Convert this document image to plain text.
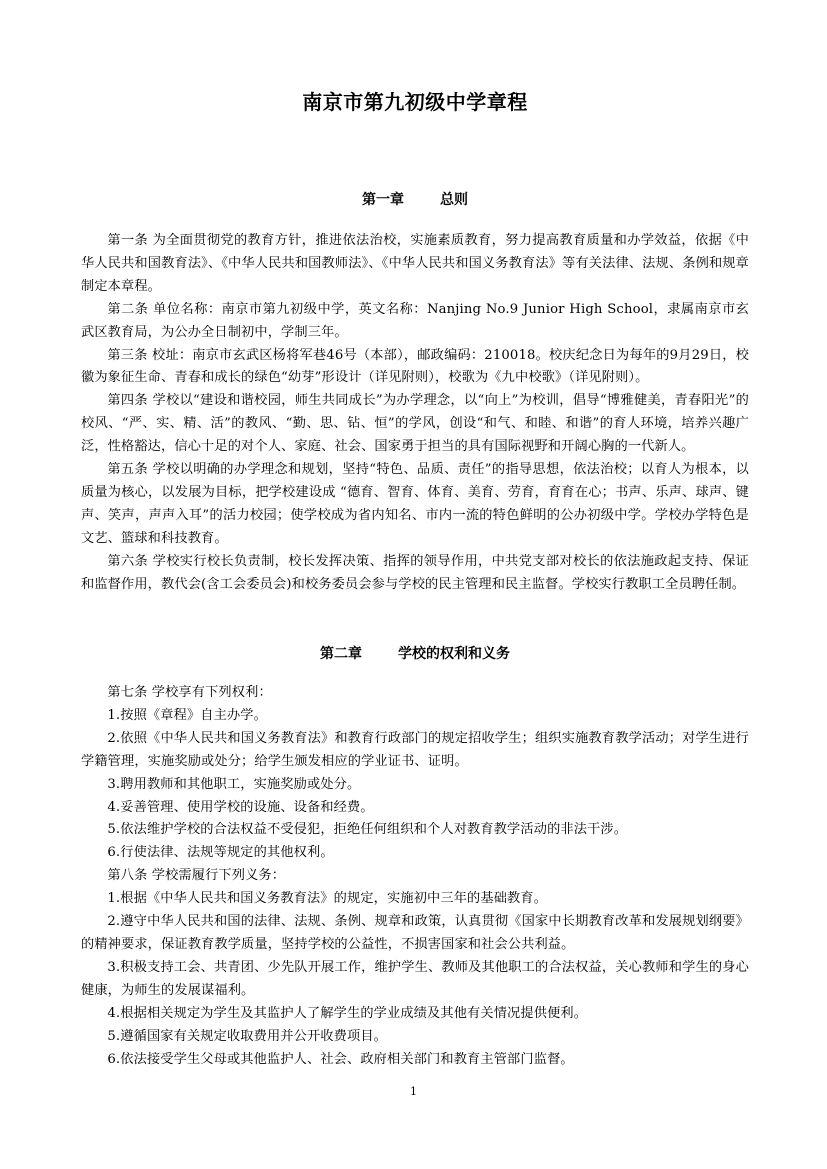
南京市第九初级中学章程
第一章	总则

第一条 为全面贯彻党的教育方针，推进依法治校，实施素质教育，努力提高教育质量和办学效益，依据《中华人民共和国教育法》、《中华人民共和国教师法》、《中华人民共和国义务教育法》等有关法律、法规、条例和规章制定本章程。

第二条 单位名称：南京市第九初级中学，英文名称：Nanjing No.9 Junior High School，隶属南京市玄武区教育局，为公办全日制初中，学制三年。

第三条 校址：南京市玄武区杨将军巷46号（本部），邮政编码：210018。校庆纪念日为每年的9月29日，校徽为象征生命、青春和成长的绿色“幼芽”形设计（详见附则），校歌为《九中校歌》（详见附则）。

第四条 学校以“建设和谐校园，师生共同成长”为办学理念，以“向上”为校训，倡导“博雅健美，青春阳光”的校风、“严、实、精、活”的教风、“勤、思、钻、恒”的学风，创设“和气、和睦、和谐”的育人环境，培养兴趣广泛，性格豁达，信心十足的对个人、家庭、社会、国家勇于担当的具有国际视野和开阔心胸的一代新人。

第五条 学校以明确的办学理念和规划，坚持“特色、品质、责任”的指导思想，依法治校；以育人为根本，以质量为核心，以发展为目标，把学校建设成 “德育、智育、体育、美育、劳育，育育在心；书声、乐声、球声、键声、笑声，声声入耳”的活力校园；使学校成为省内知名、市内一流的特色鲜明的公办初级中学。学校办学特色是文艺、篮球和科技教育。

第六条 学校实行校长负责制，校长发挥决策、指挥的领导作用，中共党支部对校长的依法施政起支持、保证和监督作用，教代会(含工会委员会)和校务委员会参与学校的民主管理和民主监督。学校实行教职工全员聘任制。

第二章	学校的权利和义务

第七条 学校享有下列权利：

1.按照《章程》自主办学。

2.依照《中华人民共和国义务教育法》和教育行政部门的规定招收学生；组织实施教育教学活动；对学生进行学籍管理，实施奖励或处分；给学生颁发相应的学业证书、证明。

3.聘用教师和其他职工，实施奖励或处分。

4.妥善管理、使用学校的设施、设备和经费。

5.依法维护学校的合法权益不受侵犯，拒绝任何组织和个人对教育教学活动的非法干涉。

6.行使法律、法规等规定的其他权利。

第八条 学校需履行下列义务：

1.根据《中华人民共和国义务教育法》的规定，实施初中三年的基础教育。

2.遵守中华人民共和国的法律、法规、条例、规章和政策，认真贯彻《国家中长期教育改革和发展规划纲要》的精神要求，保证教育教学质量，坚持学校的公益性，不损害国家和社会公共利益。

3.积极支持工会、共青团、少先队开展工作，维护学生、教师及其他职工的合法权益，关心教师和学生的身心健康，为师生的发展谋福利。

4.根据相关规定为学生及其监护人了解学生的学业成绩及其他有关情况提供便利。

5.遵循国家有关规定收取费用并公开收费项目。

6.依法接受学生父母或其他监护人、社会、政府相关部门和教育主管部门监督。

1
